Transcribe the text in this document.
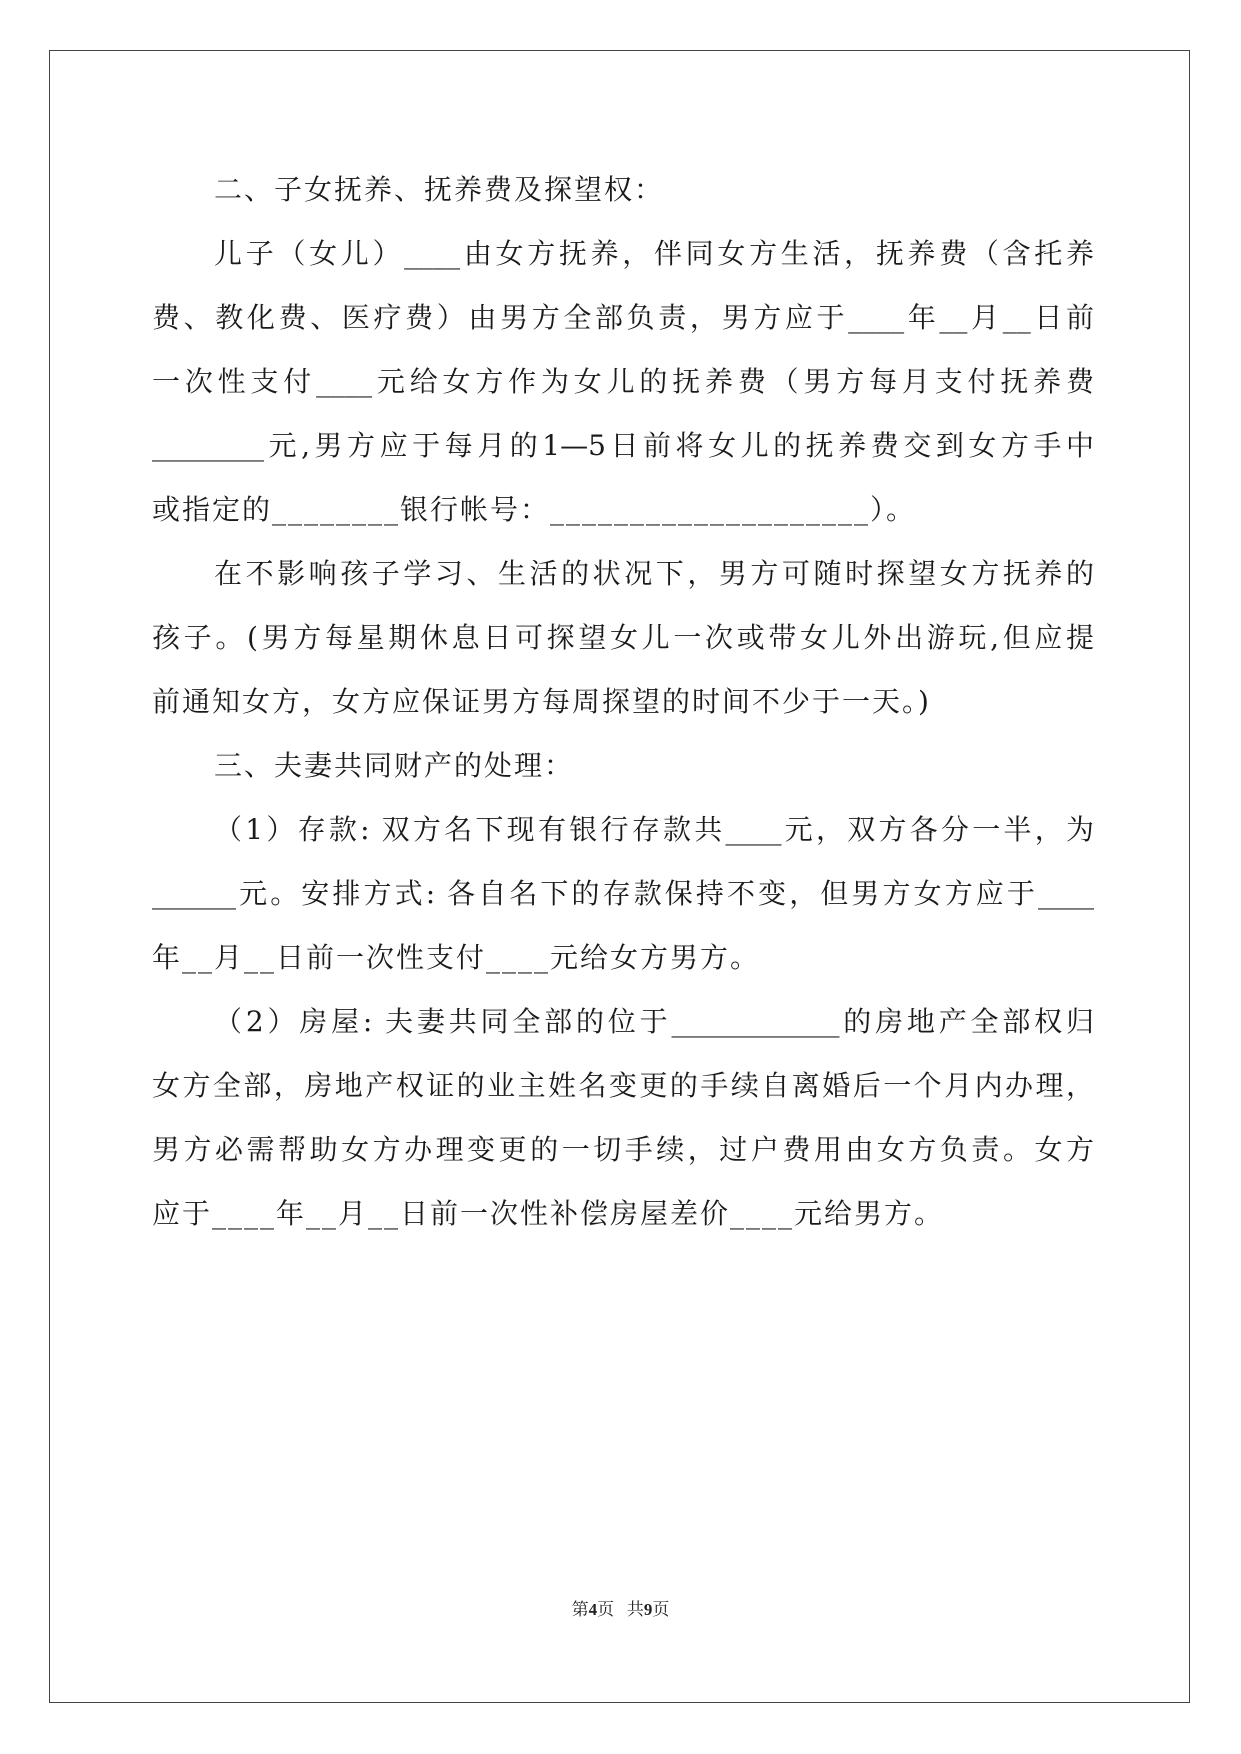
二、子女抚养、抚养费及探望权：
儿子（女儿）____由女方抚养，伴同女方生活，抚养费（含托养
费、教化费、医疗费）由男方全部负责，男方应于____年__月__日前
一次性支付____元给女方作为女儿的抚养费（男方每月支付抚养费
________元,男方应于每月的1—5日前将女儿的抚养费交到女方手中
或指定的________银行帐号：____________________）。
在不影响孩子学习、生活的状况下，男方可随时探望女方抚养的
孩子。(男方每星期休息日可探望女儿一次或带女儿外出游玩,但应提
前通知女方，女方应保证男方每周探望的时间不少于一天。)
三、夫妻共同财产的处理：
（1）存款: 双方名下现有银行存款共____元，双方各分一半，为
______元。安排方式: 各自名下的存款保持不变，但男方女方应于____
年__月__日前一次性支付____元给女方男方。
（2）房屋: 夫妻共同全部的位于____________的房地产全部权归
女方全部，房地产权证的业主姓名变更的手续自离婚后一个月内办理，
男方必需帮助女方办理变更的一切手续，过户费用由女方负责。女方
应于____年__月__日前一次性补偿房屋差价____元给男方。
第4页 共9页
